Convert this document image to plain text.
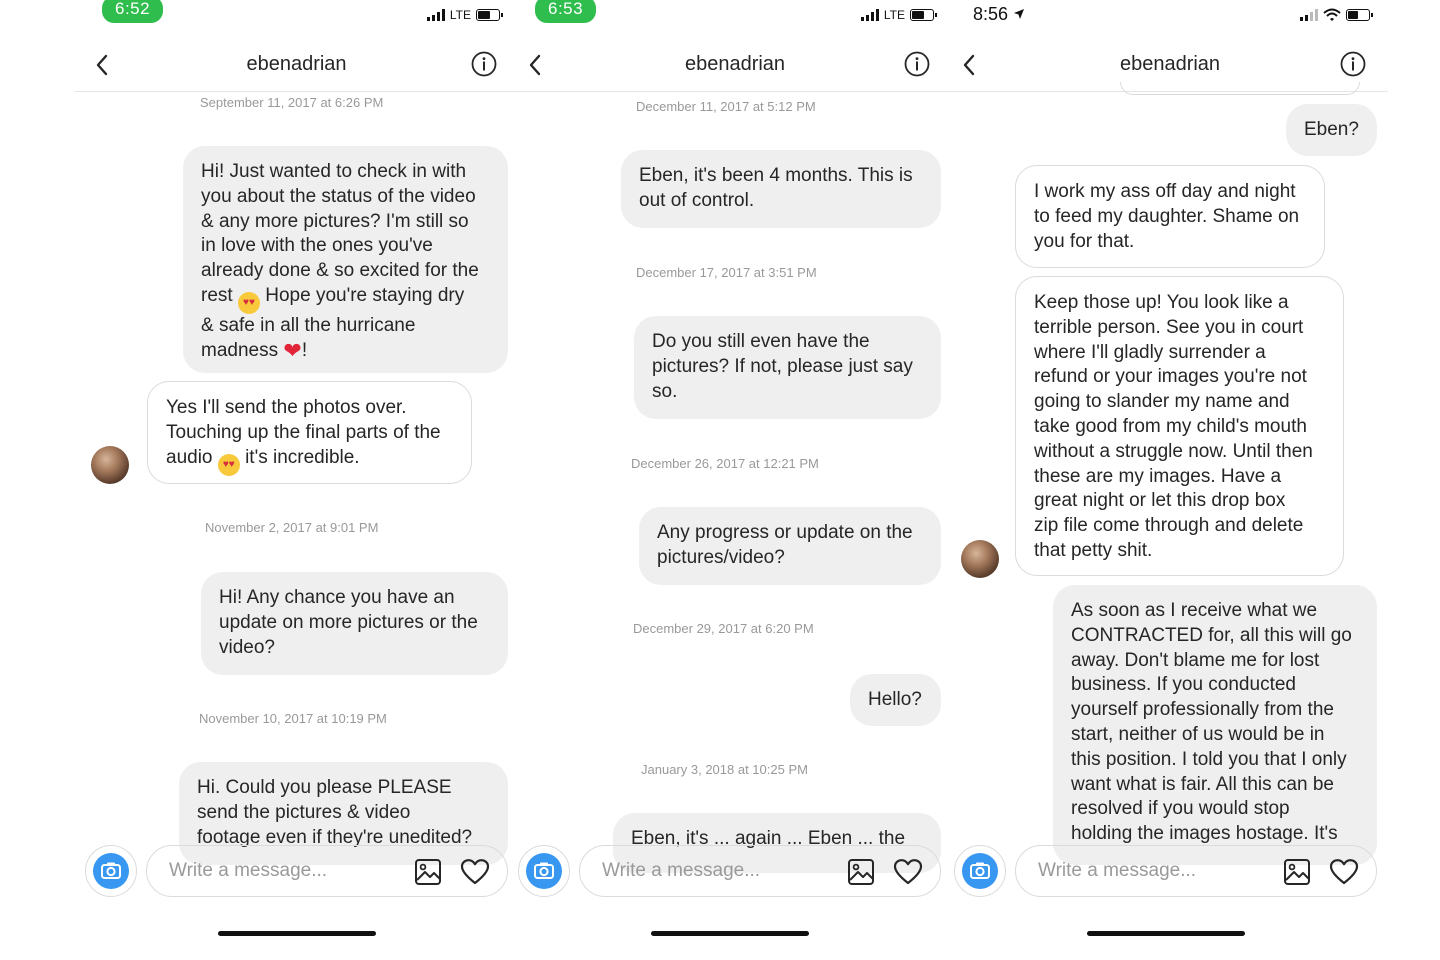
6:52	LTE
ebenadrian
September 11, 2017 at 6:26 PM
Hi! Just wanted to check in with
you about the status of the video
& any more pictures? I'm still so
in love with the ones you've
already done & so excited for the
rest ♥♥ Hope you're staying dry
& safe in all the hurricane
madness ❤!
Yes I'll send the photos over.
Touching up the final parts of the
audio ♥♥ it's incredible.
November 2, 2017 at 9:01 PM
Hi! Any chance you have an
update on more pictures or the
video?
November 10, 2017 at 10:19 PM
Hi. Could you please PLEASE
send the pictures & video
footage even if they're unedited?
Write a message...
6:53	LTE
ebenadrian
December 11, 2017 at 5:12 PM
Eben, it's been 4 months. This is
out of control.
December 17, 2017 at 3:51 PM
Do you still even have the
pictures? If not, please just say
so.
December 26, 2017 at 12:21 PM
Any progress or update on the
pictures/video?
December 29, 2017 at 6:20 PM
Hello?
January 3, 2018 at 10:25 PM
Eben, it's ... again ... Eben ... the
Write a message...
8:56
ebenadrian
Eben?
I work my ass off day and night
to feed my daughter. Shame on
you for that.
Keep those up! You look like a
terrible person. See you in court
where I'll gladly surrender a
refund or your images you're not
going to slander my name and
take good from my child's mouth
without a struggle now. Until then
these are my images. Have a
great night or let this drop box
zip file come through and delete
that petty shit.
As soon as I receive what we
CONTRACTED for, all this will go
away. Don't blame me for lost
business. If you conducted
yourself professionally from the
start, neither of us would be in
this position. I told you that I only
want what is fair. All this can be
resolved if you would stop
holding the images hostage. It's
Write a message...
